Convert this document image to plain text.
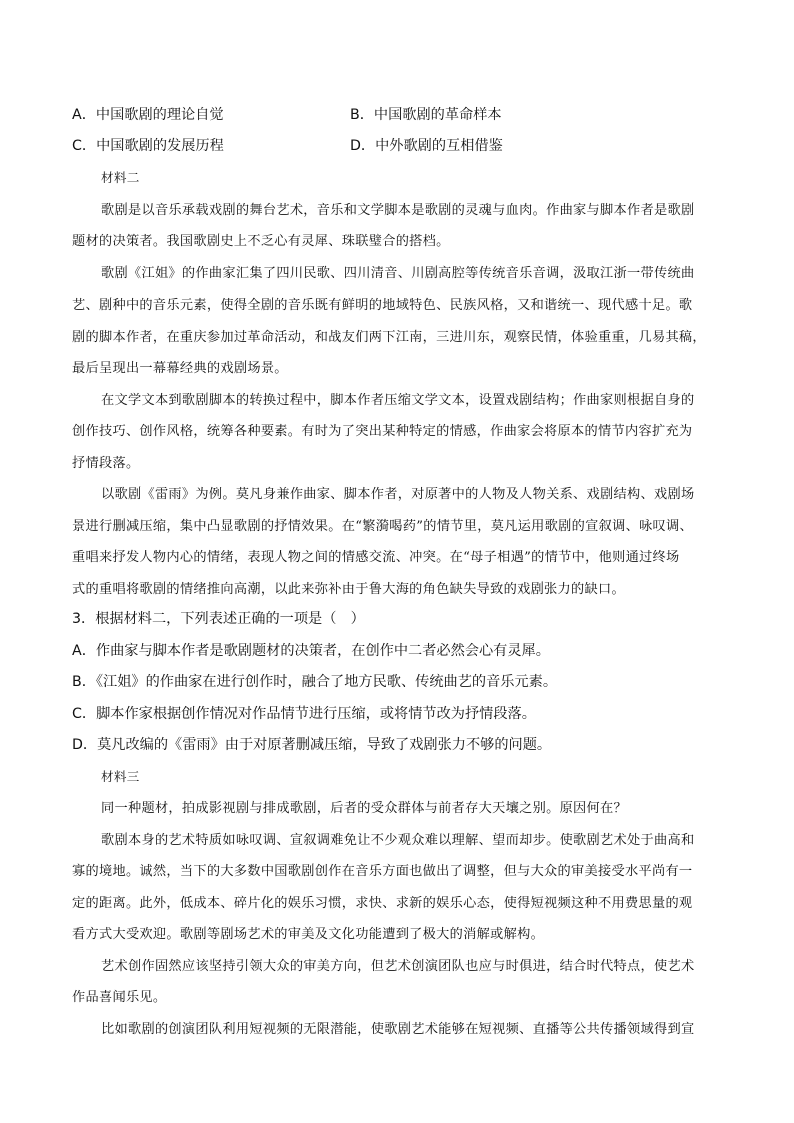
A．中国歌剧的理论自觉	B．中国歌剧的革命样本
C．中国歌剧的发展历程	D．中外歌剧的互相借鉴
材料二
歌剧是以音乐承载戏剧的舞台艺术，音乐和文学脚本是歌剧的灵魂与血肉。作曲家与脚本作者是歌剧
题材的决策者。我国歌剧史上不乏心有灵犀、珠联璧合的搭档。
歌剧《江姐》的作曲家汇集了四川民歌、四川清音、川剧高腔等传统音乐音调，汲取江浙一带传统曲
艺、剧种中的音乐元素，使得全剧的音乐既有鲜明的地域特色、民族风格，又和谐统一、现代感十足。歌
剧的脚本作者，在重庆参加过革命活动，和战友们两下江南，三进川东，观察民情，体验重重，几易其稿，
最后呈现出一幕幕经典的戏剧场景。
在文学文本到歌剧脚本的转换过程中，脚本作者压缩文学文本，设置戏剧结构；作曲家则根据自身的
创作技巧、创作风格，统筹各种要素。有时为了突出某种特定的情感，作曲家会将原本的情节内容扩充为
抒情段落。
以歌剧《雷雨》为例。莫凡身兼作曲家、脚本作者，对原著中的人物及人物关系、戏剧结构、戏剧场
景进行删减压缩，集中凸显歌剧的抒情效果。在“繁漪喝药”的情节里，莫凡运用歌剧的宣叙调、咏叹调、
重唱来抒发人物内心的情绪，表现人物之间的情感交流、冲突。在“母子相遇”的情节中，他则通过终场
式的重唱将歌剧的情绪推向高潮，以此来弥补由于鲁大海的角色缺失导致的戏剧张力的缺口。
3．根据材料二，下列表述正确的一项是（　）
A．作曲家与脚本作者是歌剧题材的决策者，在创作中二者必然会心有灵犀。
B．《江姐》的作曲家在进行创作时，融合了地方民歌、传统曲艺的音乐元素。
C．脚本作家根据创作情况对作品情节进行压缩，或将情节改为抒情段落。
D．莫凡改编的《雷雨》由于对原著删减压缩，导致了戏剧张力不够的问题。
材料三
同一种题材，拍成影视剧与排成歌剧，后者的受众群体与前者存大天壤之别。原因何在？
歌剧本身的艺术特质如咏叹调、宣叙调难免让不少观众难以理解、望而却步。使歌剧艺术处于曲高和
寡的境地。诚然，当下的大多数中国歌剧创作在音乐方面也做出了调整，但与大众的审美接受水平尚有一
定的距离。此外，低成本、碎片化的娱乐习惯，求快、求新的娱乐心态，使得短视频这种不用费思量的观
看方式大受欢迎。歌剧等剧场艺术的审美及文化功能遭到了极大的消解或解构。
艺术创作固然应该坚持引领大众的审美方向，但艺术创演团队也应与时俱进，结合时代特点，使艺术
作品喜闻乐见。
比如歌剧的创演团队利用短视频的无限潜能，使歌剧艺术能够在短视频、直播等公共传播领域得到宣
